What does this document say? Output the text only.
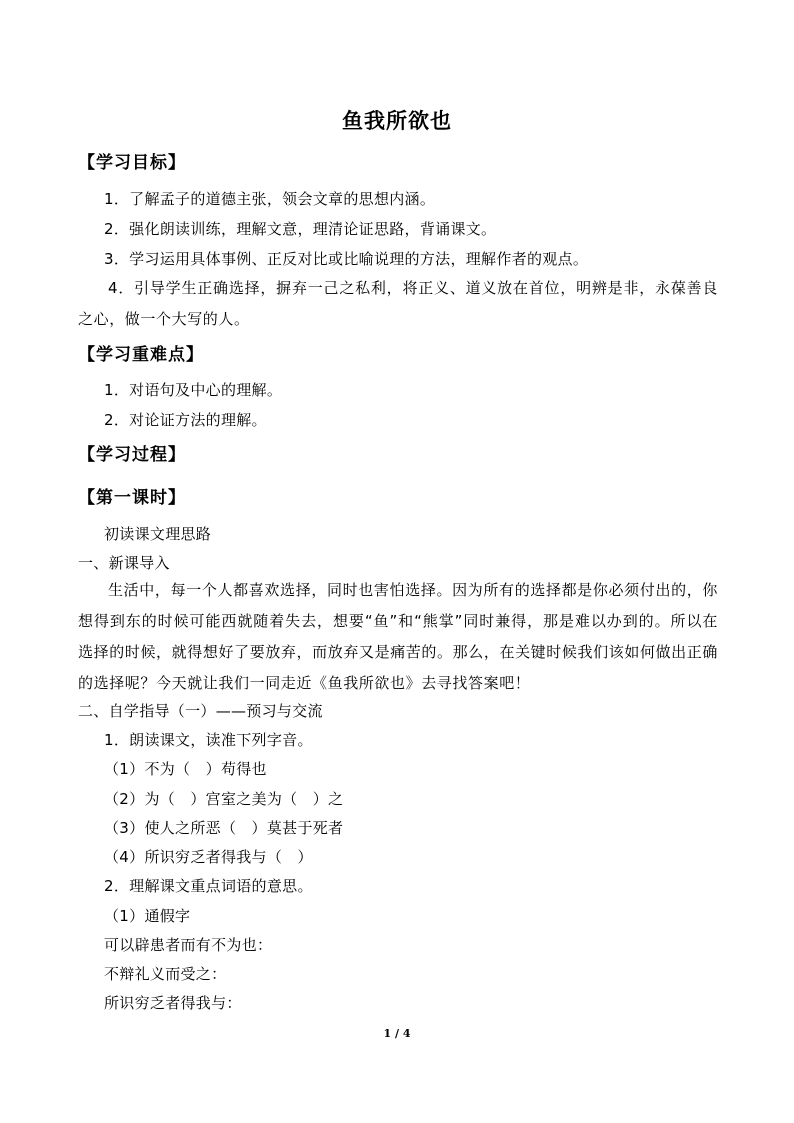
鱼我所欲也
【学习目标】
1．了解孟子的道德主张，领会文章的思想内涵。
2．强化朗读训练，理解文意，理清论证思路，背诵课文。
3．学习运用具体事例、正反对比或比喻说理的方法，理解作者的观点。
4．引导学生正确选择，摒弃一己之私利，将正义、道义放在首位，明辨是非，永葆善良之心，做一个大写的人。
【学习重难点】
1．对语句及中心的理解。
2．对论证方法的理解。
【学习过程】
【第一课时】
初读课文理思路
一、新课导入
生活中，每一个人都喜欢选择，同时也害怕选择。因为所有的选择都是你必须付出的，你想得到东的时候可能西就随着失去，想要“鱼”和“熊掌”同时兼得，那是难以办到的。所以在选择的时候，就得想好了要放弃，而放弃又是痛苦的。那么，在关键时候我们该如何做出正确的选择呢？今天就让我们一同走近《鱼我所欲也》去寻找答案吧！
二、自学指导（一）——预习与交流
1．朗读课文，读准下列字音。
（1）不为（　）苟得也
（2）为（　）宫室之美为（　）之
（3）使人之所恶（　）莫甚于死者
（4）所识穷乏者得我与（　）
2．理解课文重点词语的意思。
（1）通假字
可以辟患者而有不为也：
不辩礼义而受之：
所识穷乏者得我与：
1 / 4
